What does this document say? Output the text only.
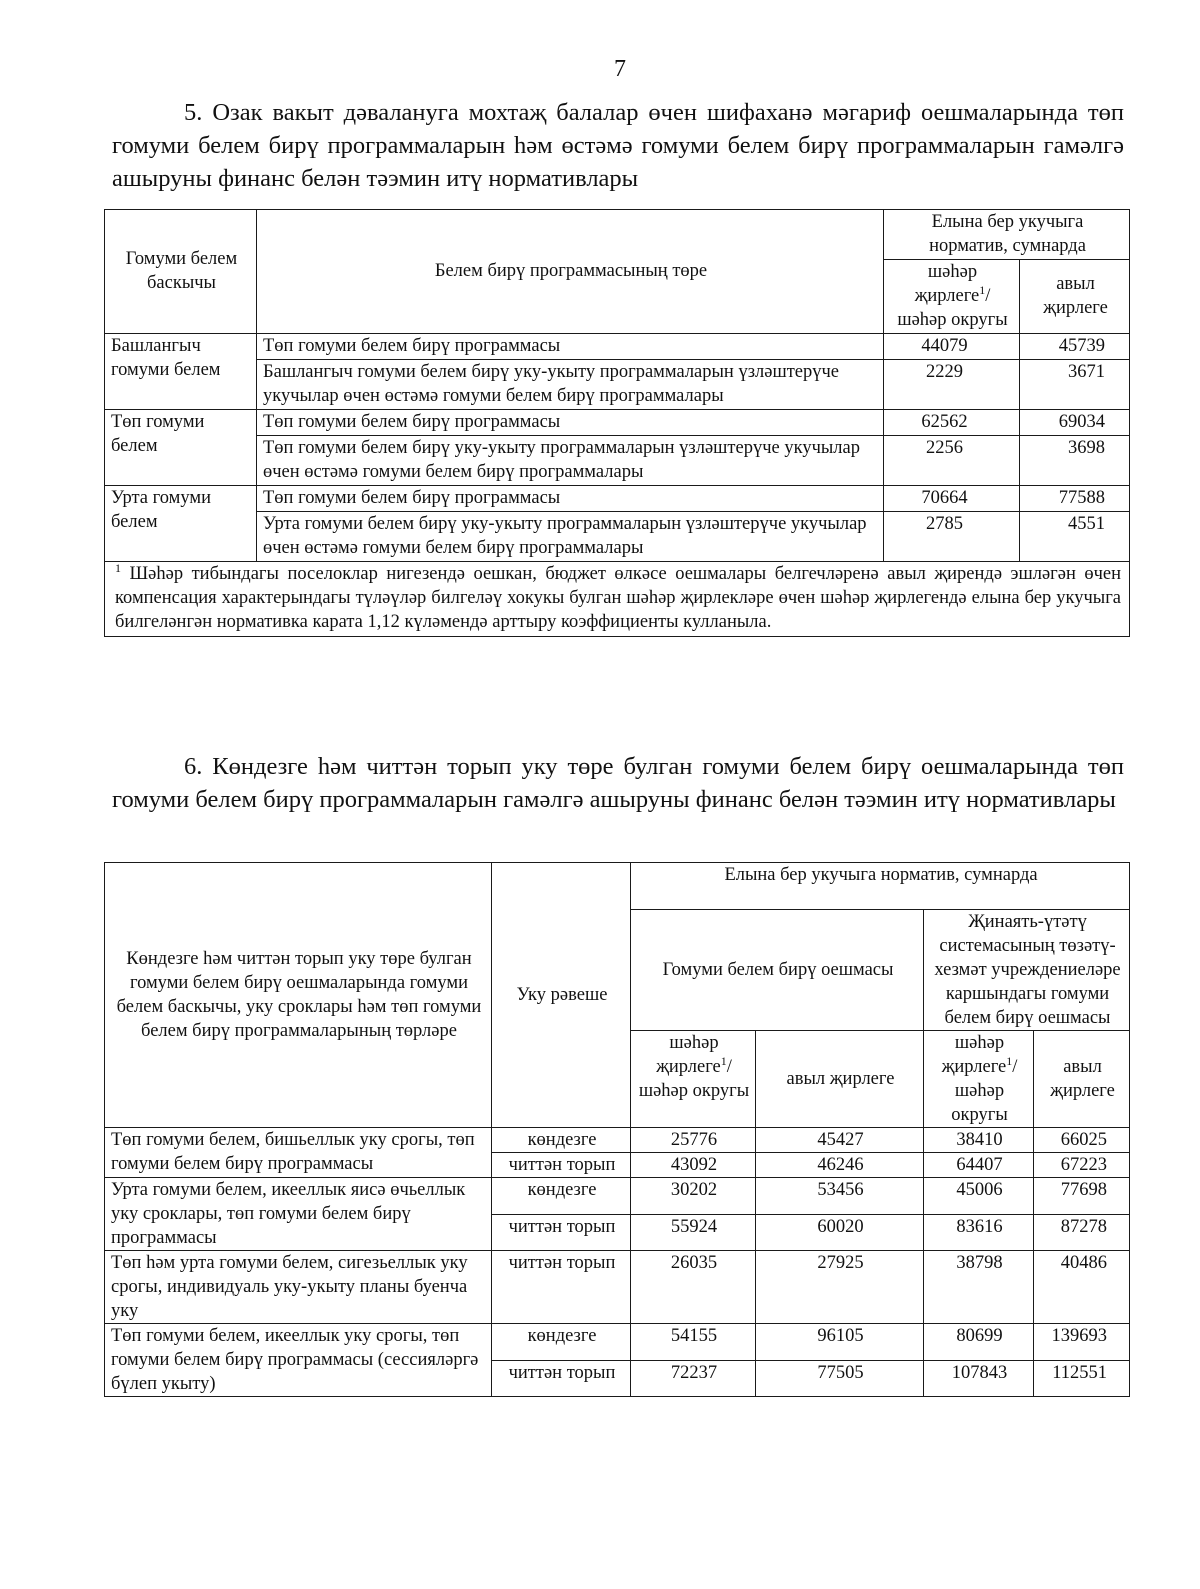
7
5. Озак вакыт дәвалануга мохтаҗ балалар өчен шифаханә мәгариф оешмаларында төп гомуми белем бирү программаларын һәм өстәмә гомуми белем бирү программаларын гамәлгә ашыруны финанс белән тәэмин итү нормативлары
Гомуми белем баскычы	Белем бирү программасының төре	Елына бер укучыга норматив, сумнарда	
		шәһәр җирлеге$^1$/ шәһәр округы	авыл җирлеге
Башлангыч гомуми белем	Төп гомуми белем бирү программасы	44079	45739
	Башлангыч гомуми белем бирү уку-укыту программаларын үзләштерүче укучылар өчен өстәмә гомуми белем бирү программалары	2229	3671
Төп гомуми белем	Төп гомуми белем бирү программасы	62562	69034
	Төп гомуми белем бирү уку-укыту программаларын үзләштерүче укучылар өчен өстәмә гомуми белем бирү программалары	2256	3698
Урта гомуми белем	Төп гомуми белем бирү программасы	70664	77588
	Урта гомуми белем бирү уку-укыту программаларын үзләштерүче укучылар өчен өстәмә гомуми белем бирү программалары	2785	4551
$^1$ Шәһәр тибындагы поселоклар нигезендә оешкан, бюджет өлкәсе оешмалары белгечләренә авыл җирендә эшләгән өчен компенсация характерындагы түләүләр билгеләү хокукы булган шәһәр җирлекләре өчен шәһәр җирлегендә елына бер укучыга билгеләнгән нормативка карата 1,12 күләмендә арттыру коэффициенты кулланыла.			
6. Көндезге һәм читтән торып уку төре булган гомуми белем бирү оешмаларында төп гомуми белем бирү программаларын гамәлгә ашыруны финанс белән тәэмин итү нормативлары
Көндезге һәм читтән торып уку төре булган гомуми белем бирү оешмаларында гомуми белем баскычы, уку сроклары һәм төп гомуми белем бирү программаларының төрләре	Уку рәвеше	Елына бер укучыга норматив, сумнарда			
		Гомуми белем бирү оешмасы		Җинаять-үтәтү системасының төзәтү-хезмәт учреждениеләре каршындагы гомуми белем бирү оешмасы	
		шәһәр җирлеге$^1$/ шәһәр округы	авыл җирлеге	шәһәр җирлеге$^1$/ шәһәр округы	авыл җирлеге
Төп гомуми белем, бишьеллык уку срогы, төп гомуми белем бирү программасы	көндезге	25776	45427	38410	66025
	читтән торып	43092	46246	64407	67223
Урта гомуми белем, икееллык яисә өчьеллык уку сроклары, төп гомуми белем бирү программасы	көндезге	30202	53456	45006	77698
	читтән торып	55924	60020	83616	87278
Төп һәм урта гомуми белем, сигезьеллык уку срогы, индивидуаль уку-укыту планы буенча уку	читтән торып	26035	27925	38798	40486
Төп гомуми белем, икееллык уку срогы, төп гомуми белем бирү программасы (сессияләргә бүлеп укыту)	көндезге	54155	96105	80699	139693
	читтән торып	72237	77505	107843	112551
